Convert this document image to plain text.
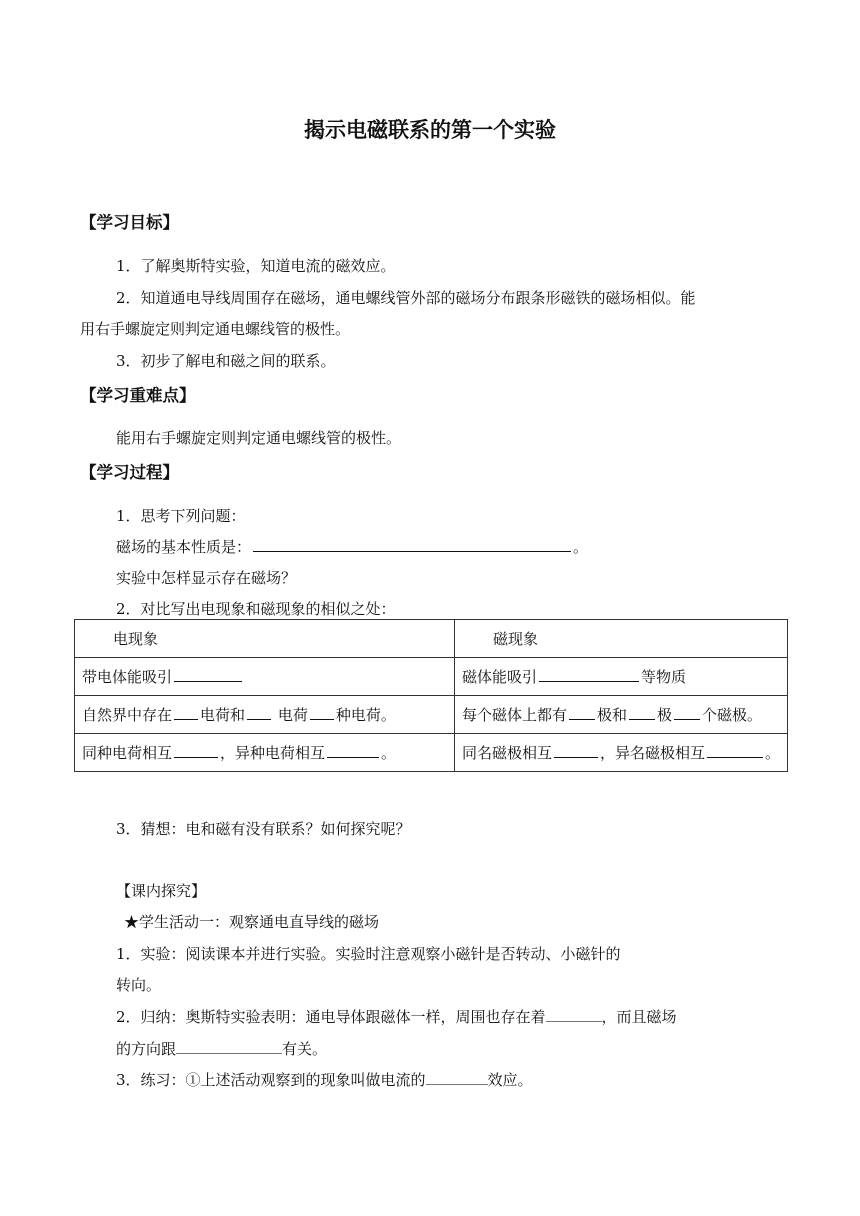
揭示电磁联系的第一个实验
【学习目标】
1．了解奥斯特实验，知道电流的磁效应。
2．知道通电导线周围存在磁场，通电螺线管外部的磁场分布跟条形磁铁的磁场相似。能
用右手螺旋定则判定通电螺线管的极性。
3．初步了解电和磁之间的联系。
【学习重难点】
能用右手螺旋定则判定通电螺线管的极性。
【学习过程】
1．思考下列问题：
磁场的基本性质是：	。
实验中怎样显示存在磁场？
2．对比写出电现象和磁现象的相似之处：
电现象	磁现象
带电体能吸引	磁体能吸引 等物质
自然界中存在 电荷和 电荷 种电荷。	每个磁体上都有 极和 极 个磁极。
同种电荷相互 ，异种电荷相互 。	同名磁极相互 ，异名磁极相互 。
3．猜想：电和磁有没有联系？如何探究呢？
【课内探究】
★学生活动一：观察通电直导线的磁场
1．实验：阅读课本并进行实验。实验时注意观察小磁针是否转动、小磁针的
转向。
2．归纳：奥斯特实验表明：通电导体跟磁体一样，周围也存在着	，而且磁场
的方向跟	有关。
3．练习：①上述活动观察到的现象叫做电流的	效应。
